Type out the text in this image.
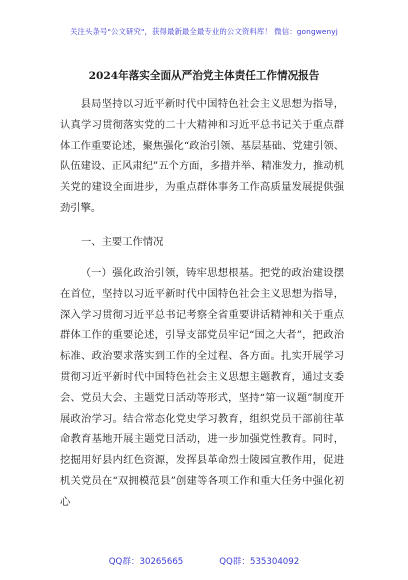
关注头条号"公文研究"，获得最新最全最专业的公文资料库！ 微信：gongwenyj
2024年落实全面从严治党主体责任工作情况报告
县局坚持以习近平新时代中国特色社会主义思想为指导，认真学习贯彻落实党的二十大精神和习近平总书记关于重点群体工作重要论述，聚焦强化“政治引领、基层基础、党建引领、队伍建设、正风肃纪”五个方面，多措并举、精准发力，推动机关党的建设全面进步，为重点群体事务工作高质量发展提供强劲引擎。
一、主要工作情况
（一）强化政治引领，铸牢思想根基。把党的政治建设摆在首位，坚持以习近平新时代中国特色社会主义思想为指导，深入学习贯彻习近平总书记考察全省重要讲话精神和关于重点群体工作的重要论述，引导支部党员牢记“国之大者”，把政治标准、政治要求落实到工作的全过程、各方面。扎实开展学习贯彻习近平新时代中国特色社会主义思想主题教育，通过支委会、党员大会、主题党日活动等形式，坚持“第一议题”制度开展政治学习。结合常态化党史学习教育，组织党员干部前往革命教育基地开展主题党日活动，进一步加强党性教育。同时，挖掘用好县内红色资源，发挥县革命烈士陵园宣教作用，促进机关党员在“双拥模范县”创建等各项工作和重大任务中强化初心
QQ群：30265665	QQ群：535304092
